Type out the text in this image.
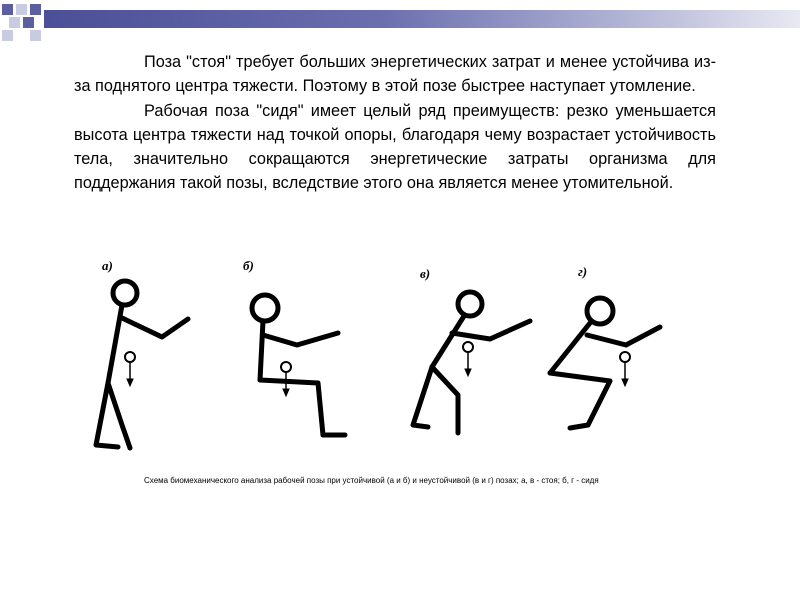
Поза "стоя" требует больших энергетических затрат и менее устойчива из-за поднятого центра тяжести. Поэтому в этой позе быстрее наступает утомление.

Рабочая поза "сидя" имеет целый ряд преимуществ: резко уменьшается высота центра тяжести над точкой опоры, благодаря чему возрастает устойчивость тела, значительно сокращаются энергетические затраты организма для поддержания такой позы, вследствие этого она является менее утомительной.

а)	б)
в)	г)
Схема биомеханического анализа рабочей позы при устойчивой (а и б) и неустойчивой (в и г) позах; а, в - стоя; б, г - сидя
